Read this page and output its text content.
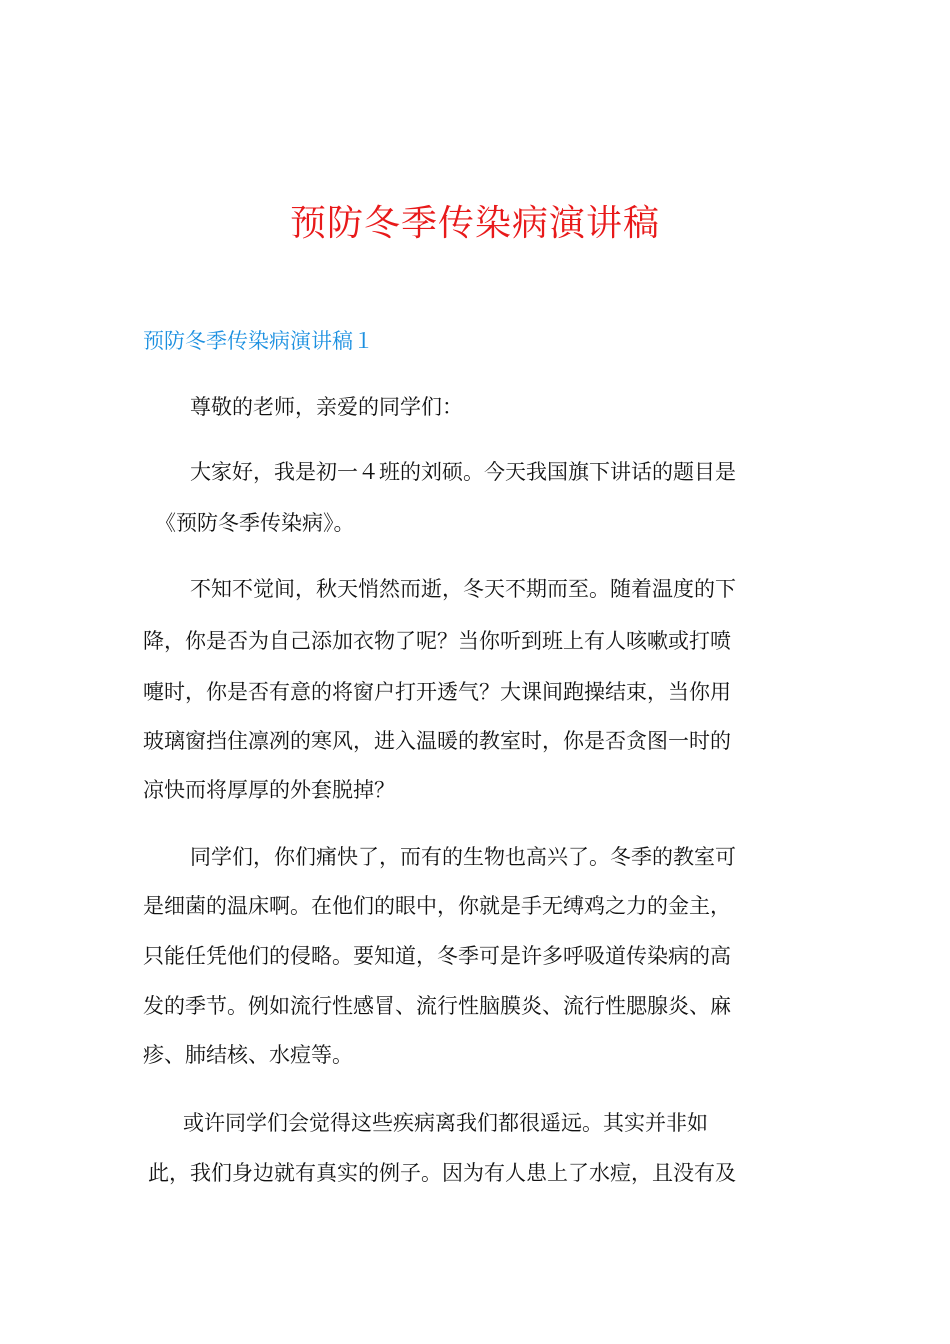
预防冬季传染病演讲稿
预防冬季传染病演讲稿１
尊敬的老师，亲爱的同学们：
大家好，我是初一４班的刘硕。今天我国旗下讲话的题目是
《预防冬季传染病》。
不知不觉间，秋天悄然而逝，冬天不期而至。随着温度的下
降，你是否为自己添加衣物了呢？当你听到班上有人咳嗽或打喷
嚏时，你是否有意的将窗户打开透气？大课间跑操结束，当你用
玻璃窗挡住凛冽的寒风，进入温暖的教室时，你是否贪图一时的
凉快而将厚厚的外套脱掉？
同学们，你们痛快了，而有的生物也高兴了。冬季的教室可
是细菌的温床啊。在他们的眼中，你就是手无缚鸡之力的金主，
只能任凭他们的侵略。要知道，冬季可是许多呼吸道传染病的高
发的季节。例如流行性感冒、流行性脑膜炎、流行性腮腺炎、麻
疹、肺结核、水痘等。
或许同学们会觉得这些疾病离我们都很遥远。其实并非如
此，我们身边就有真实的例子。因为有人患上了水痘，且没有及
